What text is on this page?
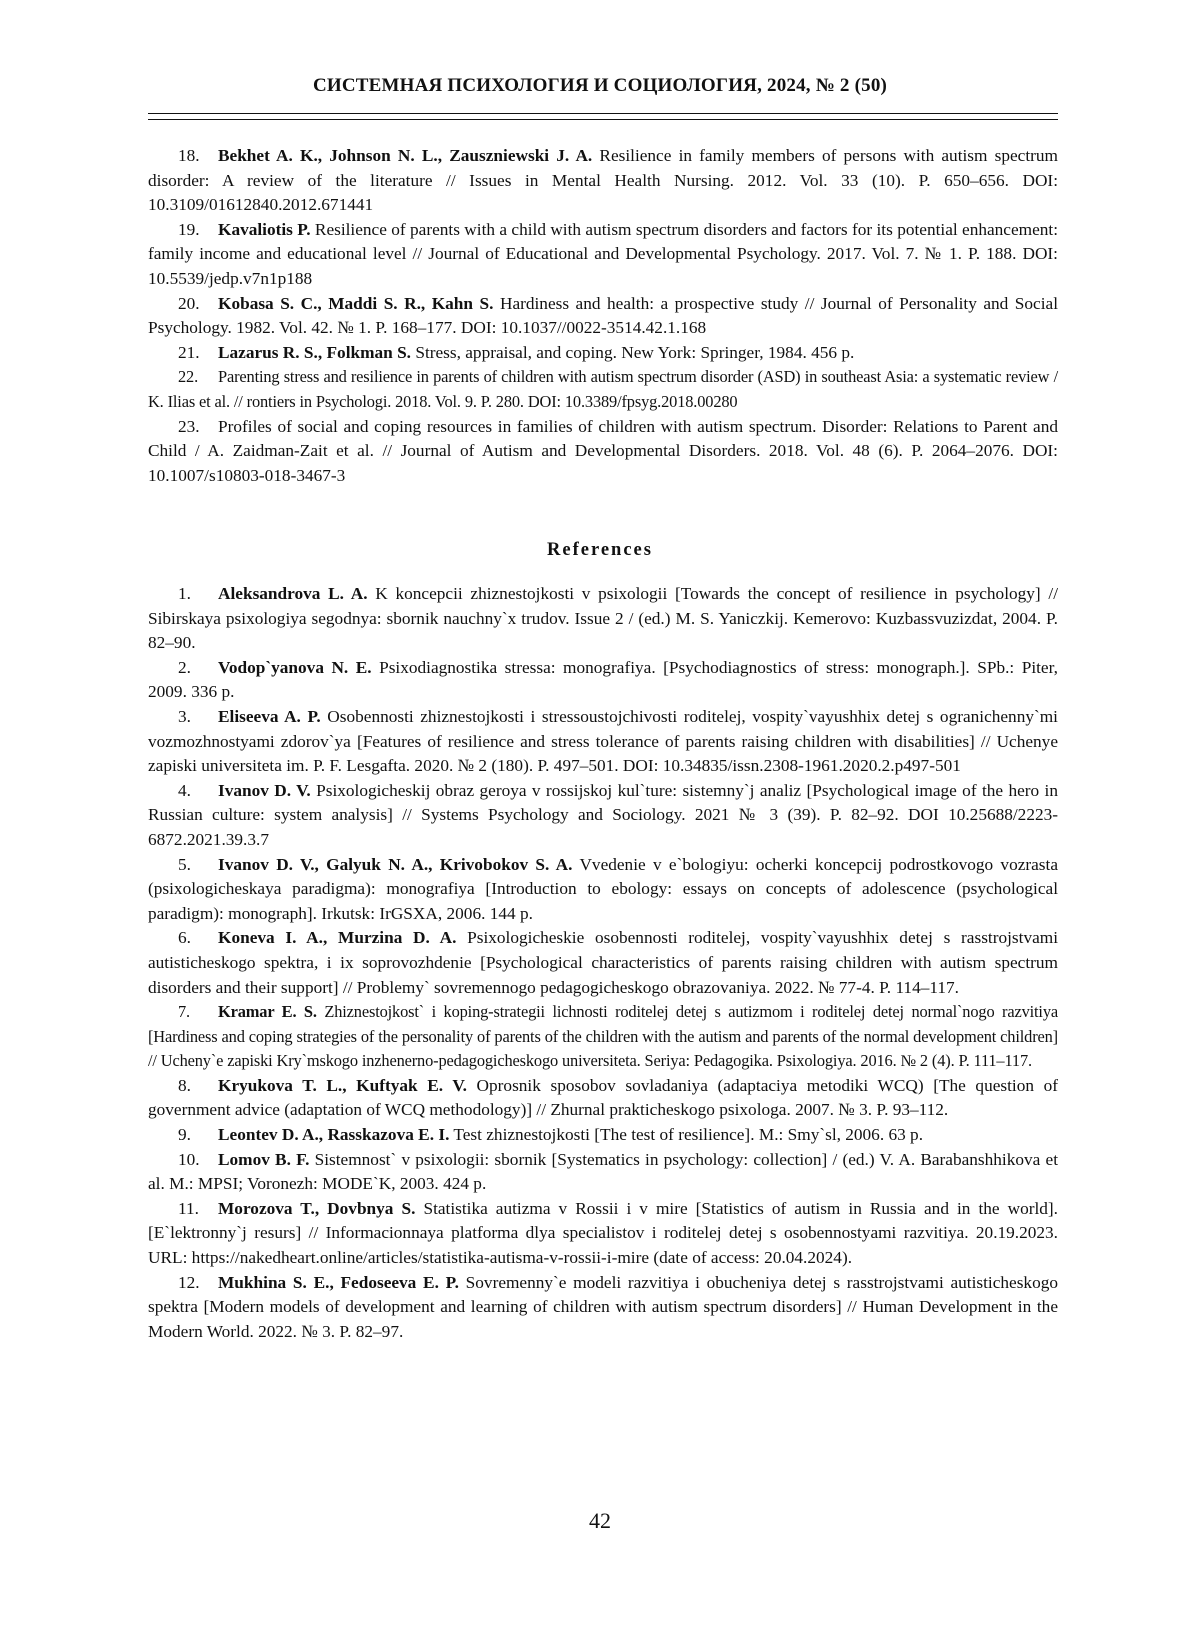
СИСТЕМНАЯ ПСИХОЛОГИЯ И СОЦИОЛОГИЯ, 2024, № 2 (50)

18. Bekhet A. K., Johnson N. L., Zauszniewski J. A. Resilience in family members of persons with autism spectrum disorder: A review of the literature // Issues in Mental Health Nursing. 2012. Vol. 33 (10). P. 650–656. DOI: 10.3109/01612840.2012.671441

19. Kavaliotis P. Resilience of parents with a child with autism spectrum disorders and factors for its potential enhancement: family income and educational level // Journal of Educational and Developmental Psychology. 2017. Vol. 7. № 1. P. 188. DOI: 10.5539/jedp.v7n1p188

20. Kobasa S. C., Maddi S. R., Kahn S. Hardiness and health: a prospective study // Journal of Personality and Social Psychology. 1982. Vol. 42. № 1. P. 168–177. DOI: 10.1037//0022-3514.42.1.168

21. Lazarus R. S., Folkman S. Stress, appraisal, and coping. New York: Springer, 1984. 456 p.

22. Parenting stress and resilience in parents of children with autism spectrum disorder (ASD) in southeast Asia: a systematic review / K. Ilias et al. // rontiers in Psychologi. 2018. Vol. 9. P. 280. DOI: 10.3389/fpsyg.2018.00280

23. Profiles of social and coping resources in families of children with autism spectrum. Disorder: Relations to Parent and Child / A. Zaidman-Zait et al. // Journal of Autism and Developmental Disorders. 2018. Vol. 48 (6). P. 2064–2076. DOI: 10.1007/s10803-018-3467-3

References

1. Aleksandrova L. A. K koncepcii zhiznestojkosti v psixologii [Towards the concept of resilience in psychology] // Sibirskaya psixologiya segodnya: sbornik nauchny`x trudov. Issue 2 / (ed.) M. S. Yaniczkij. Kemerovo: Kuzbassvuzizdat, 2004. P. 82–90.

2. Vodop`yanova N. E. Psixodiagnostika stressa: monografiya. [Psychodiagnostics of stress: monograph.]. SPb.: Piter, 2009. 336 p.

3. Eliseeva A. P. Osobennosti zhiznestojkosti i stressoustojchivosti roditelej, vospity`vayushhix detej s ogranichenny`mi vozmozhnostyami zdorov`ya [Features of resilience and stress tolerance of parents raising children with disabilities] // Uchenye zapiski universiteta im. P. F. Lesgafta. 2020. № 2 (180). P. 497–501. DOI: 10.34835/issn.2308-1961.2020.2.p497-501

4. Ivanov D. V. Psixologicheskij obraz geroya v rossijskoj kul`ture: sistemny`j analiz [Psychological image of the hero in Russian culture: system analysis] // Systems Psychology and Sociology. 2021 № 3 (39). P. 82–92. DOI 10.25688/2223-6872.2021.39.3.7

5. Ivanov D. V., Galyuk N. A., Krivobokov S. A. Vvedenie v e`bologiyu: ocherki koncepcij podrostkovogo vozrasta (psixologicheskaya paradigma): monografiya [Introduction to ebology: essays on concepts of adolescence (psychological paradigm): monograph]. Irkutsk: IrGSXA, 2006. 144 p.

6. Koneva I. A., Murzina D. A. Psixologicheskie osobennosti roditelej, vospity`vayushhix detej s rasstrojstvami autisticheskogo spektra, i ix soprovozhdenie [Psychological characteristics of parents raising children with autism spectrum disorders and their support] // Problemy` sovremennogo pedagogicheskogo obrazovaniya. 2022. № 77-4. P. 114–117.

7. Kramar E. S. Zhiznestojkost` i koping-strategii lichnosti roditelej detej s autizmom i roditelej detej normal`nogo razvitiya [Hardiness and coping strategies of the personality of parents of the children with the autism and parents of the normal development children] // Ucheny`e zapiski Kry`mskogo inzhenerno-pedagogicheskogo universiteta. Seriya: Pedagogika. Psixologiya. 2016. № 2 (4). P. 111–117.

8. Kryukova T. L., Kuftyak E. V. Oprosnik sposobov sovladaniya (adaptaciya metodiki WCQ) [The question of government advice (adaptation of WCQ methodology)] // Zhurnal prakticheskogo psixologa. 2007. № 3. P. 93–112.

9. Leontev D. A., Rasskazova E. I. Test zhiznestojkosti [The test of resilience]. M.: Smy`sl, 2006. 63 p.

10. Lomov B. F. Sistemnost` v psixologii: sbornik [Systematics in psychology: collection] / (ed.) V. A. Barabanshhikova et al. M.: MPSI; Voronezh: MODE`K, 2003. 424 p.

11. Morozova T., Dovbnya S. Statistika autizma v Rossii i v mire [Statistics of autism in Russia and in the world]. [E`lektronny`j resurs] // Informacionnaya platforma dlya specialistov i roditelej detej s osobennostyami razvitiya. 20.19.2023. URL: https://nakedheart.online/articles/statistika-autisma-v-rossii-i-mire (date of access: 20.04.2024).

12. Mukhina S. E., Fedoseeva E. P. Sovremenny`e modeli razvitiya i obucheniya detej s rasstrojstvami autisticheskogo spektra [Modern models of development and learning of children with autism spectrum disorders] // Human Development in the Modern World. 2022. № 3. P. 82–97.

42
